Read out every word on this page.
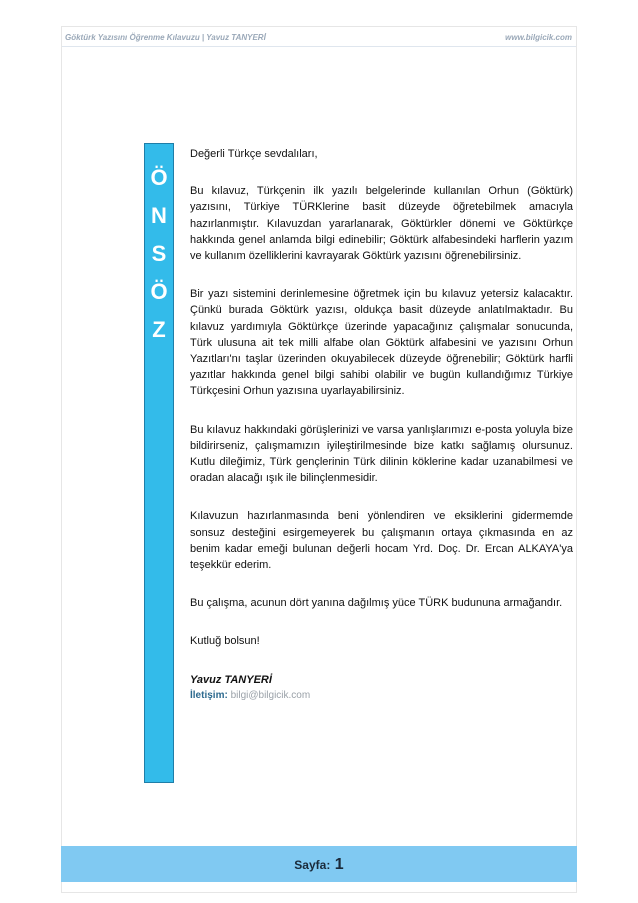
Göktürk Yazısını Öğrenme Kılavuzu | Yavuz TANYERİ	www.bilgicik.com
Ö
N
S
Ö
Z

Değerli Türkçe sevdalıları,

Bu kılavuz, Türkçenin ilk yazılı belgelerinde kullanılan Orhun (Göktürk) yazısını, Türkiye TÜRKlerine basit düzeyde öğretebilmek amacıyla hazırlanmıştır. Kılavuzdan yararlanarak, Göktürkler dönemi ve Göktürkçe hakkında genel anlamda bilgi edinebilir; Göktürk alfabesindeki harflerin yazım ve kullanım özelliklerini kavrayarak Göktürk yazısını öğrenebilirsiniz.

Bir yazı sistemini derinlemesine öğretmek için bu kılavuz yetersiz kalacaktır. Çünkü burada Göktürk yazısı, oldukça basit düzeyde anlatılmaktadır. Bu kılavuz yardımıyla Göktürkçe üzerinde yapacağınız çalışmalar sonucunda, Türk ulusuna ait tek milli alfabe olan Göktürk alfabesini ve yazısını Orhun Yazıtları'nı taşlar üzerinden okuyabilecek düzeyde öğrenebilir; Göktürk harfli yazıtlar hakkında genel bilgi sahibi olabilir ve bugün kullandığımız Türkiye Türkçesini Orhun yazısına uyarlayabilirsiniz.

Bu kılavuz hakkındaki görüşlerinizi ve varsa yanlışlarımızı e-posta yoluyla bize bildirirseniz, çalışmamızın iyileştirilmesinde bize katkı sağlamış olursunuz. Kutlu dileğimiz, Türk gençlerinin Türk dilinin köklerine kadar uzanabilmesi ve oradan alacağı ışık ile bilinçlenmesidir.

Kılavuzun hazırlanmasında beni yönlendiren ve eksiklerini gidermemde sonsuz desteğini esirgemeyerek bu çalışmanın ortaya çıkmasında en az benim kadar emeği bulunan değerli hocam Yrd. Doç. Dr. Ercan ALKAYA'ya teşekkür ederim.

Bu çalışma, acunun dört yanına dağılmış yüce TÜRK budununa armağandır.

Kutluğ bolsun!

Yavuz TANYERİ

İletişim: bilgi@bilgicik.com

Sayfa: 1
